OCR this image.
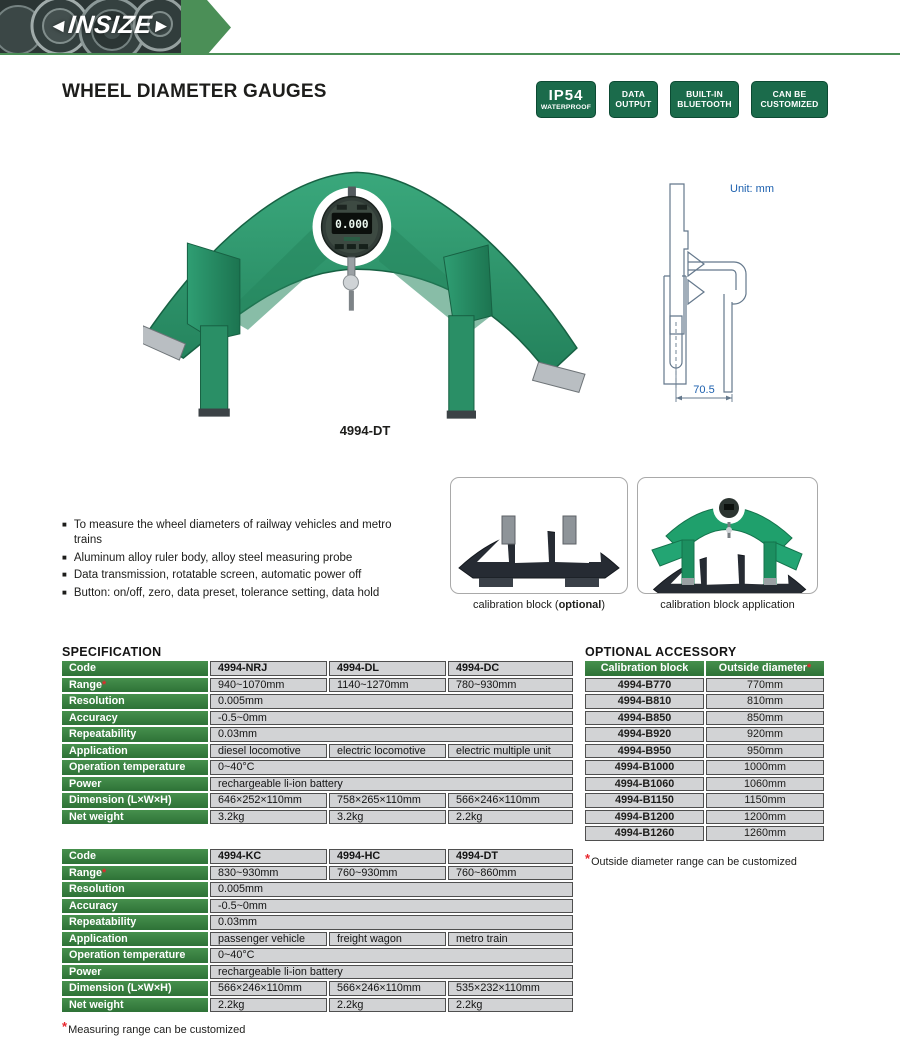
◄INSIZE►
WHEEL DIAMETER GAUGES	IP54
WATERPROOF
DATA
OUTPUT
BUILT-IN
BLUETOOTH
CAN BE
CUSTOMIZED
0.000
4994-DT
70.5
Unit: mm
■ To measure the wheel diameters of railway vehicles and metro trains
■ Aluminum alloy ruler body, alloy steel measuring probe
■ Data transmission, rotatable screen, automatic power off
■ Button: on/off, zero, data preset, tolerance setting, data hold
calibration block (optional)	calibration block application
SPECIFICATION
Code	4994-NRJ	4994-DL	4994-DC
Range*	940~1070mm	1140~1270mm	780~930mm
Resolution	0.005mm		
Accuracy	-0.5~0mm		
Repeatability	0.03mm		
Application	diesel locomotive	electric locomotive	electric multiple unit
Operation temperature	0~40°C		
Power	rechargeable li-ion battery		
Dimension (L×W×H)	646×252×110mm	758×265×110mm	566×246×110mm
Net weight	3.2kg	3.2kg	2.2kg
Code	4994-KC	4994-HC	4994-DT
Range*	830~930mm	760~930mm	760~860mm
Resolution	0.005mm		
Accuracy	-0.5~0mm		
Repeatability	0.03mm		
Application	passenger vehicle	freight wagon	metro train
Operation temperature	0~40°C		
Power	rechargeable li-ion battery		
Dimension (L×W×H)	566×246×110mm	566×246×110mm	535×232×110mm
Net weight	2.2kg	2.2kg	2.2kg
*Measuring range can be customized
OPTIONAL ACCESSORY
Calibration block	Outside diameter*
4994-B770	770mm
4994-B810	810mm
4994-B850	850mm
4994-B920	920mm
4994-B950	950mm
4994-B1000	1000mm
4994-B1060	1060mm
4994-B1150	1150mm
4994-B1200	1200mm
4994-B1260	1260mm
*Outside diameter range can be customized
